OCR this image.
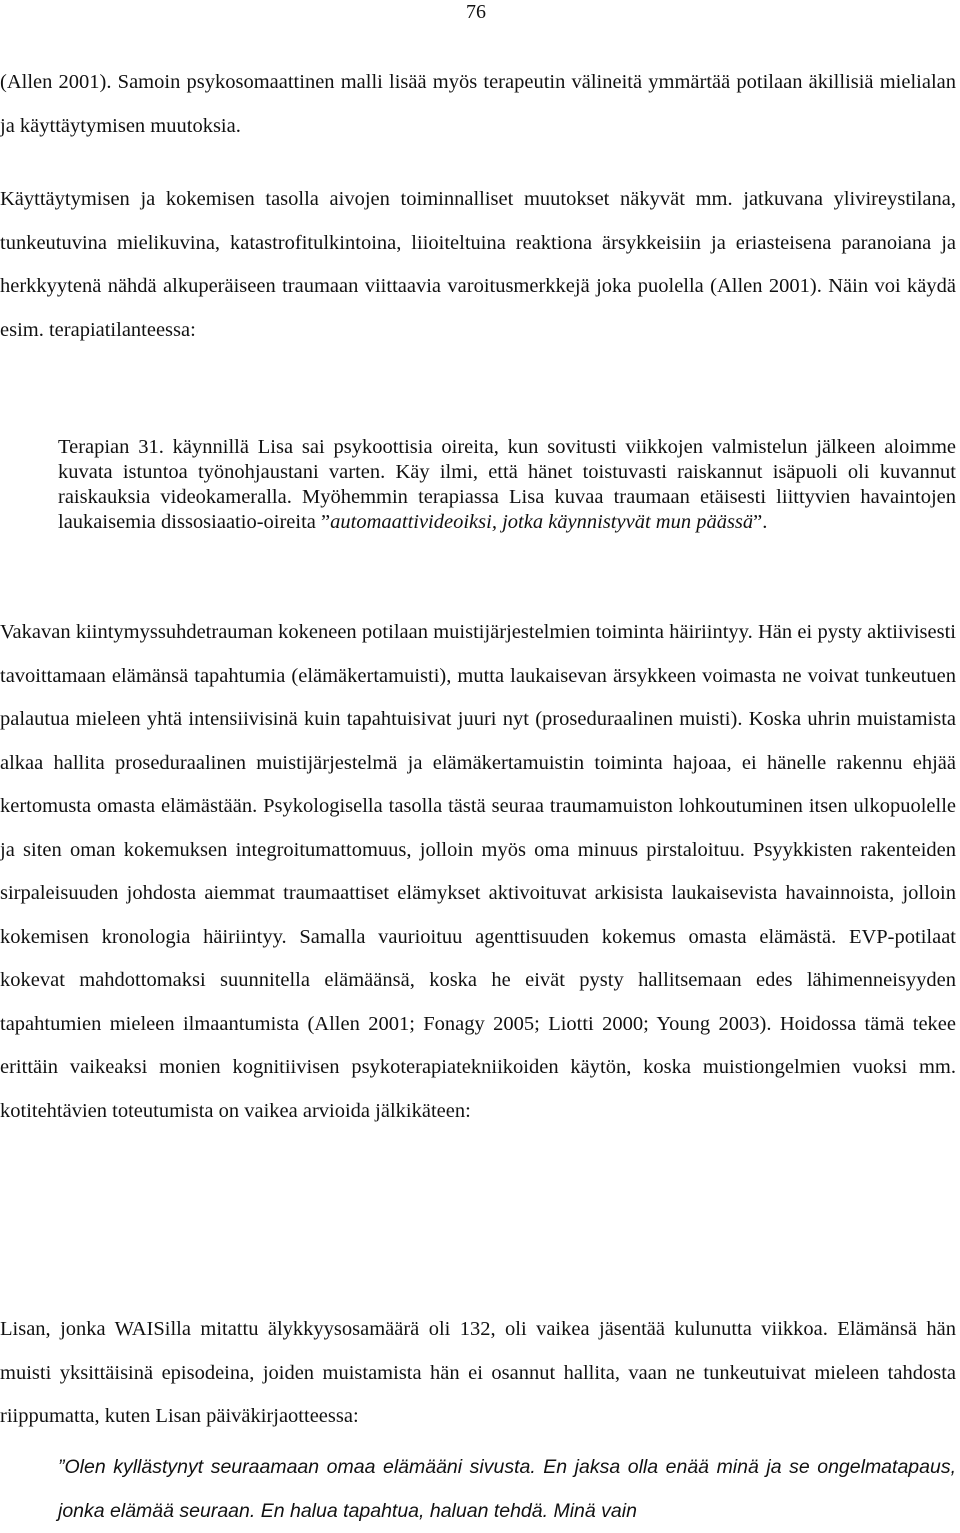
76

(Allen 2001). Samoin psykosomaattinen malli lisää myös terapeutin välineitä ymmärtää potilaan äkillisiä mielialan ja käyttäytymisen muutoksia.

Käyttäytymisen ja kokemisen tasolla aivojen toiminnalliset muutokset näkyvät mm. jatkuvana ylivireystilana, tunkeutuvina mielikuvina, katastrofitulkintoina, liioiteltuina reaktiona ärsykkeisiin ja eriasteisena paranoiana ja herkkyytenä nähdä alkuperäiseen traumaan viittaavia varoitusmerkkejä joka puolella (Allen 2001). Näin voi käydä esim. terapiatilanteessa:

Terapian 31. käynnillä Lisa sai psykoottisia oireita, kun sovitusti viikkojen valmistelun jälkeen aloimme kuvata istuntoa työnohjaustani varten. Käy ilmi, että hänet toistuvasti raiskannut isäpuoli oli kuvannut raiskauksia videokameralla. Myöhemmin terapiassa Lisa kuvaa traumaan etäisesti liittyvien havaintojen laukaisemia dissosiaatio-oireita ”automaattivideoiksi, jotka käynnistyvät mun päässä”.

Vakavan kiintymyssuhdetrauman kokeneen potilaan muistijärjestelmien toiminta häiriintyy. Hän ei pysty aktiivisesti tavoittamaan elämänsä tapahtumia (elämäkertamuisti), mutta laukaisevan ärsykkeen voimasta ne voivat tunkeutuen palautua mieleen yhtä intensiivisinä kuin tapahtuisivat juuri nyt (proseduraalinen muisti). Koska uhrin muistamista alkaa hallita proseduraalinen muistijärjestelmä ja elämäkertamuistin toiminta hajoaa, ei hänelle rakennu ehjää kertomusta omasta elämästään. Psykologisella tasolla tästä seuraa traumamuiston lohkoutuminen itsen ulkopuolelle ja siten oman kokemuksen integroitumattomuus, jolloin myös oma minuus pirstaloituu. Psyykkisten rakenteiden sirpaleisuuden johdosta aiemmat traumaattiset elämykset aktivoituvat arkisista laukaisevista havainnoista, jolloin kokemisen kronologia häiriintyy. Samalla vaurioituu agenttisuuden kokemus omasta elämästä. EVP-potilaat kokevat mahdottomaksi suunnitella elämäänsä, koska he eivät pysty hallitsemaan edes lähimenneisyyden tapahtumien mieleen ilmaantumista (Allen 2001; Fonagy 2005; Liotti 2000; Young 2003). Hoidossa tämä tekee erittäin vaikeaksi monien kognitiivisen psykoterapiatekniikoiden käytön, koska muistiongelmien vuoksi mm. kotitehtävien toteutumista on vaikea arvioida jälkikäteen:

Lisan, jonka WAISilla mitattu älykkyysosamäärä oli 132, oli vaikea jäsentää kulunutta viikkoa. Elämänsä hän muisti yksittäisinä episodeina, joiden muistamista hän ei osannut hallita, vaan ne tunkeutuivat mieleen tahdosta riippumatta, kuten Lisan päiväkirjaotteessa:

”Olen kyllästynyt seuraamaan omaa elämääni sivusta. En jaksa olla enää minä ja se ongelmatapaus, jonka elämää seuraan. En halua tapahtua, haluan tehdä. Minä vain
